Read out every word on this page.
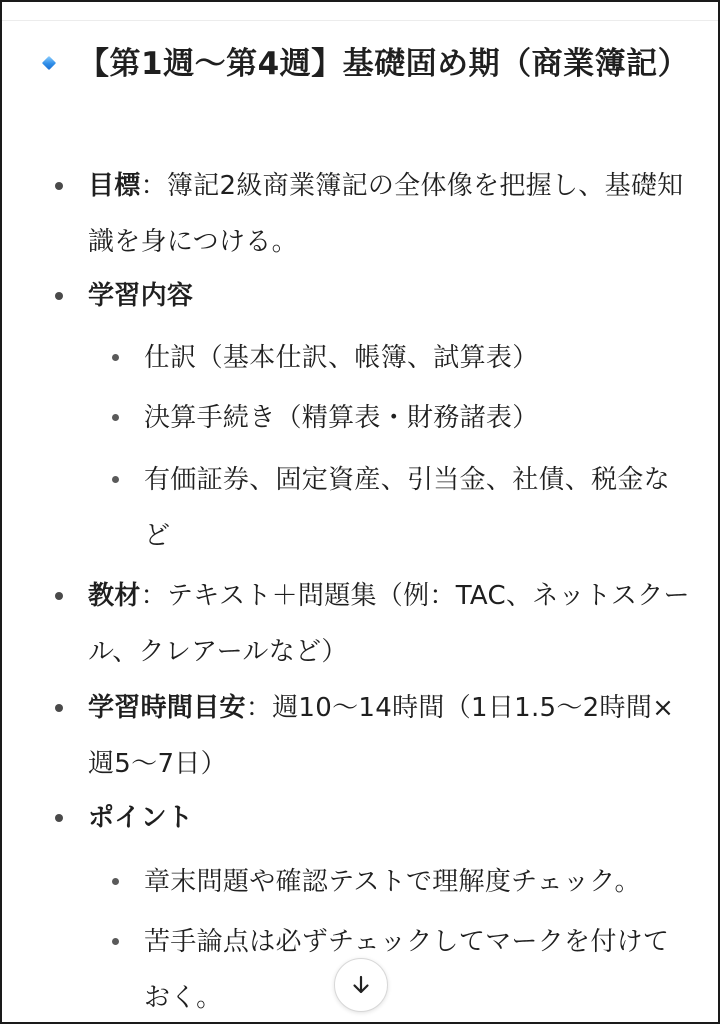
【第1週〜第4週】基礎固め期（商業簿記）
目標：簿記2級商業簿記の全体像を把握し、基礎知識を身につける。
学習内容
仕訳（基本仕訳、帳簿、試算表）
決算手続き（精算表・財務諸表）
有価証券、固定資産、引当金、社債、税金など
教材：テキスト＋問題集（例：TAC、ネットスクール、クレアールなど）
学習時間目安：週10〜14時間（1日1.5〜2時間×週5〜7日）
ポイント
章末問題や確認テストで理解度チェック。
苦手論点は必ずチェックしてマークを付けておく。
